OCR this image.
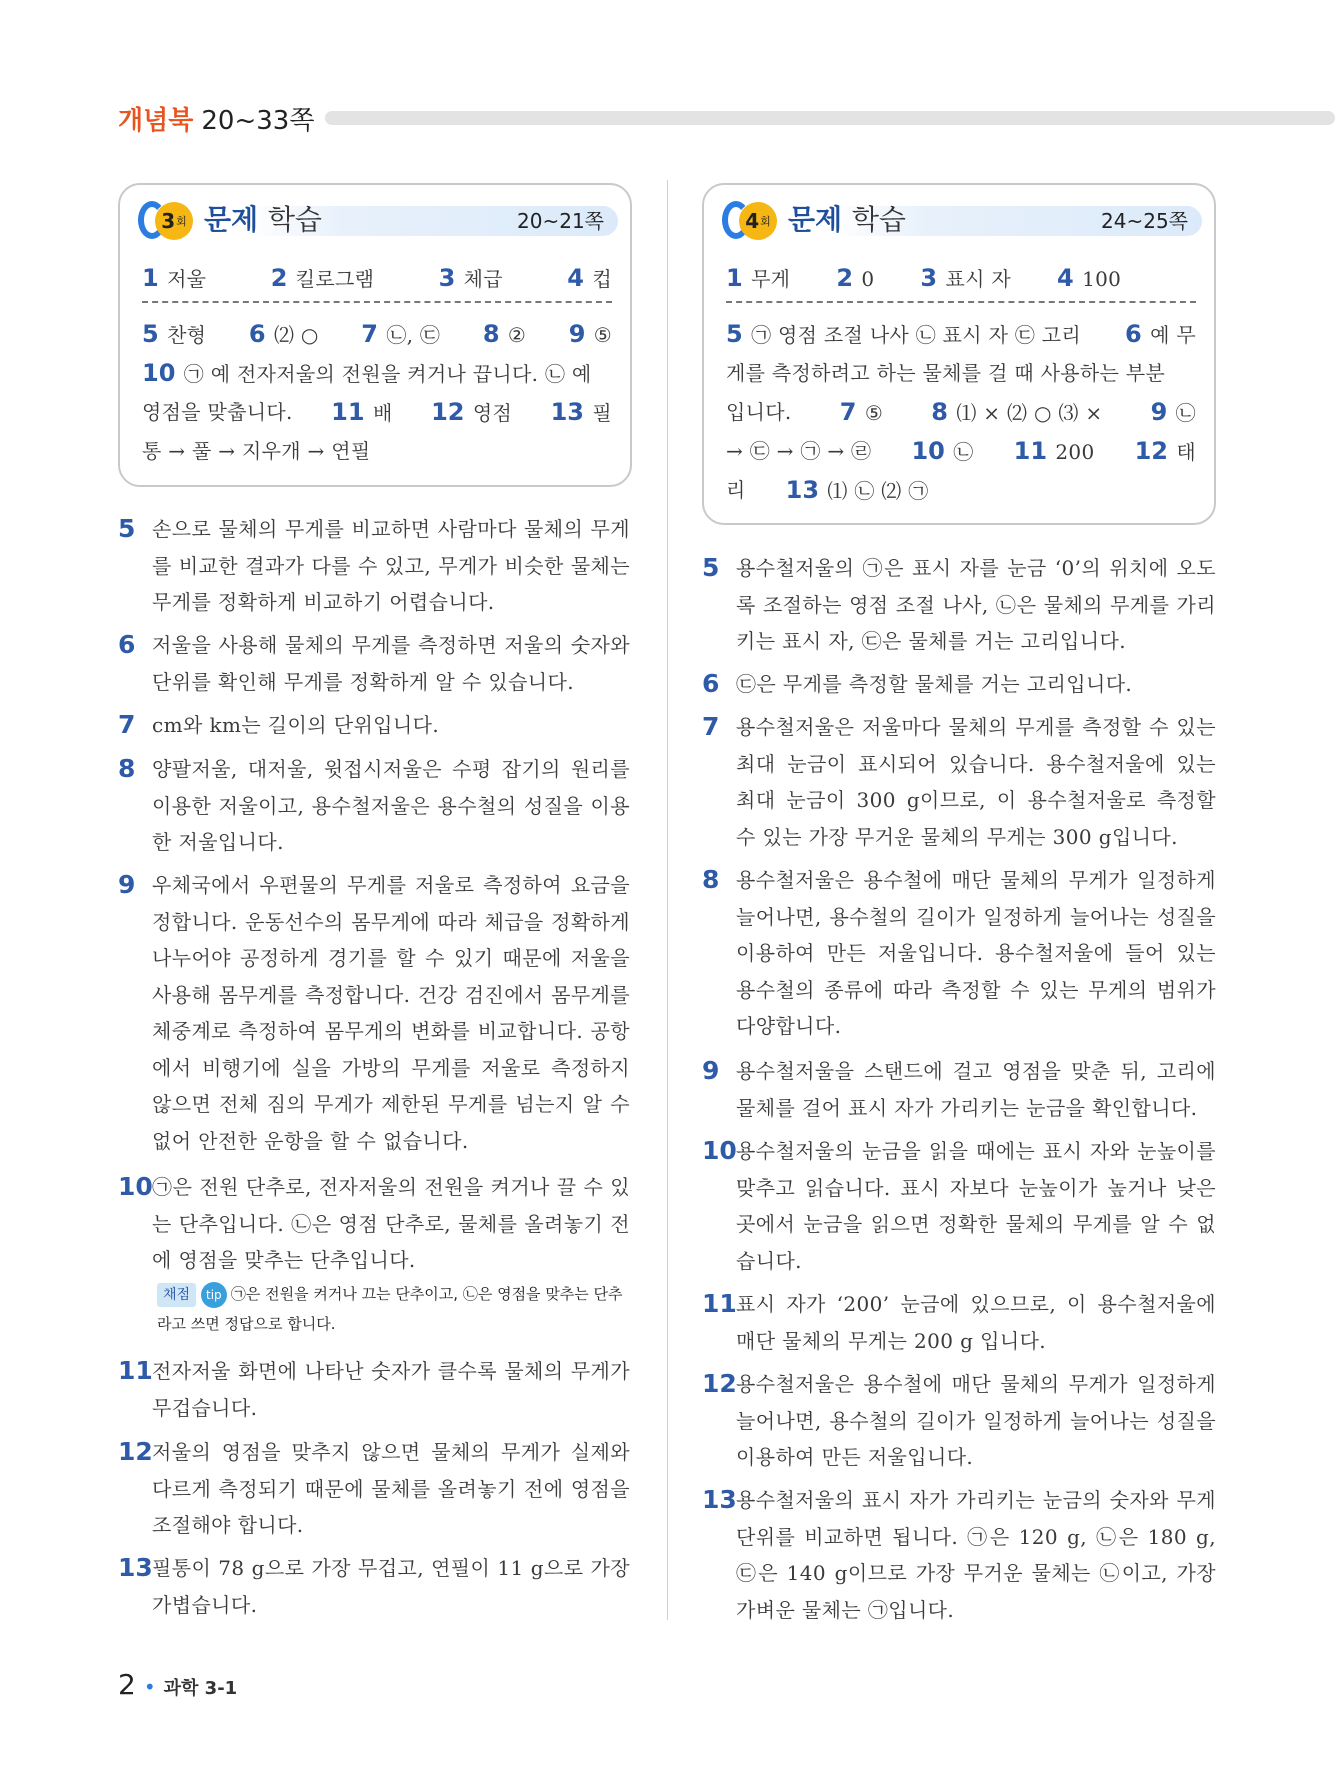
개념북 20~33쪽
3 회 문제 학습	20~21쪽
1 저울	2 킬로그램	3 체급	4 컵
5 찬형 6 ⑵ ○ 7 ㉡, ㉢ 8 ② 9 ⑤
10 ㉠ 예 전자저울의 전원을 켜거나 끕니다. ㉡ 예
영점을 맞춥니다. 11 배 12 영점 13 필
통 → 풀 → 지우개 → 연필
4 회 문제 학습	24~25쪽
1 무게 2 0 3 표시 자 4 100
5 ㉠ 영점 조절 나사 ㉡ 표시 자 ㉢ 고리 6 예 무
게를 측정하려고 하는 물체를 걸 때 사용하는 부분
입니다. 7 ⑤ 8 ⑴ × ⑵ ○ ⑶ × 9 ㉡
→ ㉢ → ㉠ → ㉣ 10 ㉡ 11 200 12 태
리 13 ⑴ ㉡ ⑵ ㉠
5 손으로 물체의 무게를 비교하면 사람마다 물체의 무게를 비교한 결과가 다를 수 있고, 무게가 비슷한 물체는 무게를 정확하게 비교하기 어렵습니다.
6 저울을 사용해 물체의 무게를 측정하면 저울의 숫자와 단위를 확인해 무게를 정확하게 알 수 있습니다.
7 cm와 km는 길이의 단위입니다.
8 양팔저울, 대저울, 윗접시저울은 수평 잡기의 원리를 이용한 저울이고, 용수철저울은 용수철의 성질을 이용한 저울입니다.
9 우체국에서 우편물의 무게를 저울로 측정하여 요금을 정합니다. 운동선수의 몸무게에 따라 체급을 정확하게 나누어야 공정하게 경기를 할 수 있기 때문에 저울을 사용해 몸무게를 측정합니다. 건강 검진에서 몸무게를 체중계로 측정하여 몸무게의 변화를 비교합니다. 공항에서 비행기에 실을 가방의 무게를 저울로 측정하지 않으면 전체 짐의 무게가 제한된 무게를 넘는지 알 수 없어 안전한 운항을 할 수 없습니다.
10 ㉠은 전원 단추로, 전자저울의 전원을 켜거나 끌 수 있는 단추입니다. ㉡은 영점 단추로, 물체를 올려놓기 전에 영점을 맞추는 단추입니다.
채점 tip ㉠은 전원을 켜거나 끄는 단추이고, ㉡은 영점을 맞추는 단추라고 쓰면 정답으로 합니다.
11 전자저울 화면에 나타난 숫자가 클수록 물체의 무게가 무겁습니다.
12 저울의 영점을 맞추지 않으면 물체의 무게가 실제와 다르게 측정되기 때문에 물체를 올려놓기 전에 영점을 조절해야 합니다.
13 필통이 78 g으로 가장 무겁고, 연필이 11 g으로 가장 가볍습니다.
5 용수철저울의 ㉠은 표시 자를 눈금 ‘0’의 위치에 오도록 조절하는 영점 조절 나사, ㉡은 물체의 무게를 가리키는 표시 자, ㉢은 물체를 거는 고리입니다.
6 ㉢은 무게를 측정할 물체를 거는 고리입니다.
7 용수철저울은 저울마다 물체의 무게를 측정할 수 있는 최대 눈금이 표시되어 있습니다. 용수철저울에 있는 최대 눈금이 300 g이므로, 이 용수철저울로 측정할 수 있는 가장 무거운 물체의 무게는 300 g입니다.
8 용수철저울은 용수철에 매단 물체의 무게가 일정하게 늘어나면, 용수철의 길이가 일정하게 늘어나는 성질을 이용하여 만든 저울입니다. 용수철저울에 들어 있는 용수철의 종류에 따라 측정할 수 있는 무게의 범위가 다양합니다.
9 용수철저울을 스탠드에 걸고 영점을 맞춘 뒤, 고리에 물체를 걸어 표시 자가 가리키는 눈금을 확인합니다.
10 용수철저울의 눈금을 읽을 때에는 표시 자와 눈높이를 맞추고 읽습니다. 표시 자보다 눈높이가 높거나 낮은 곳에서 눈금을 읽으면 정확한 물체의 무게를 알 수 없습니다.
11 표시 자가 ‘200’ 눈금에 있으므로, 이 용수철저울에 매단 물체의 무게는 200 g 입니다.
12 용수철저울은 용수철에 매단 물체의 무게가 일정하게 늘어나면, 용수철의 길이가 일정하게 늘어나는 성질을 이용하여 만든 저울입니다.
13 용수철저울의 표시 자가 가리키는 눈금의 숫자와 무게 단위를 비교하면 됩니다. ㉠은 120 g, ㉡은 180 g, ㉢은 140 g이므로 가장 무거운 물체는 ㉡이고, 가장 가벼운 물체는 ㉠입니다.
2 • 과학 3-1
